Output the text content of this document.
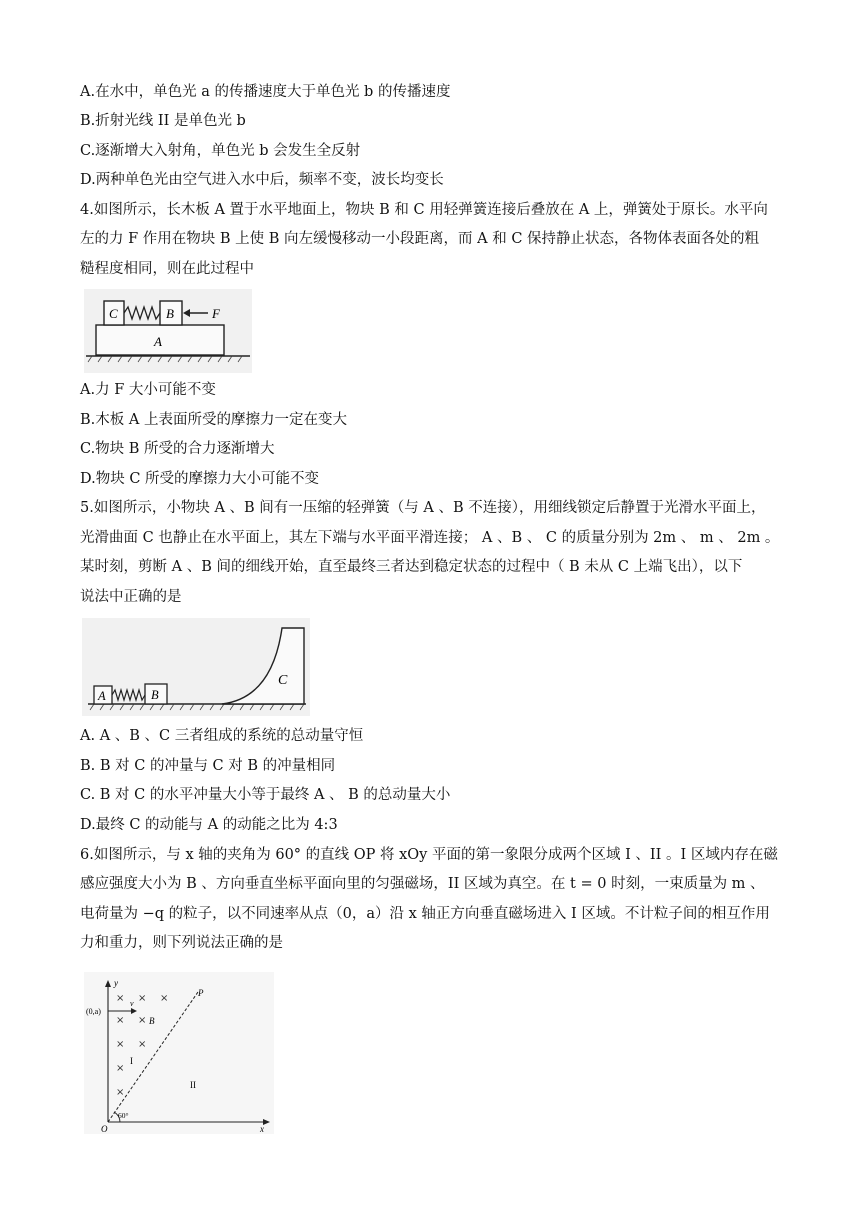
A.在水中，单色光 a 的传播速度大于单色光 b 的传播速度
B.折射光线 II 是单色光 b
C.逐渐增大入射角，单色光 b 会发生全反射
D.两种单色光由空气进入水中后，频率不变，波长均变长
4.如图所示，长木板 A 置于水平地面上，物块 B 和 C 用轻弹簧连接后叠放在 A 上，弹簧处于原长。水平向
左的力 F 作用在物块 B 上使 B 向左缓慢移动一小段距离，而 A 和 C 保持静止状态，各物体表面各处的粗
糙程度相同，则在此过程中
A
C	B	F
A.力 F 大小可能不变
B.木板 A 上表面所受的摩擦力一定在变大
C.物块 B 所受的合力逐渐增大
D.物块 C 所受的摩擦力大小可能不变
5.如图所示，小物块 A 、B 间有一压缩的轻弹簧（与 A 、B 不连接），用细线锁定后静置于光滑水平面上，
光滑曲面 C 也静止在水平面上，其左下端与水平面平滑连接； A 、B 、 C 的质量分别为 2m 、 m 、 2m 。
某时刻，剪断 A 、B 间的细线开始，直至最终三者达到稳定状态的过程中（ B 未从 C 上端飞出），以下
说法中正确的是
A	B
C
A. A 、B 、C 三者组成的系统的总动量守恒
B. B 对 C 的冲量与 C 对 B 的冲量相同
C. B 对 C 的水平冲量大小等于最终 A 、 B 的总动量大小
D.最终 C 的动能与 A 的动能之比为 4:3
6.如图所示，与 x 轴的夹角为 60° 的直线 OP 将 xOy 平面的第一象限分成两个区域 I 、II 。I 区域内存在磁
感应强度大小为 B 、方向垂直坐标平面向里的匀强磁场，II 区域为真空。在 t = 0 时刻，一束质量为 m 、
电荷量为 −q 的粒子，以不同速率从点（0，a）沿 x 轴正方向垂直磁场进入 I 区域。不计粒子间的相互作用
力和重力，则下列说法正确的是
y
x
O
P
60°
(0,a)
v
× × ×
× ×
× ×
×
×
B
I
II
